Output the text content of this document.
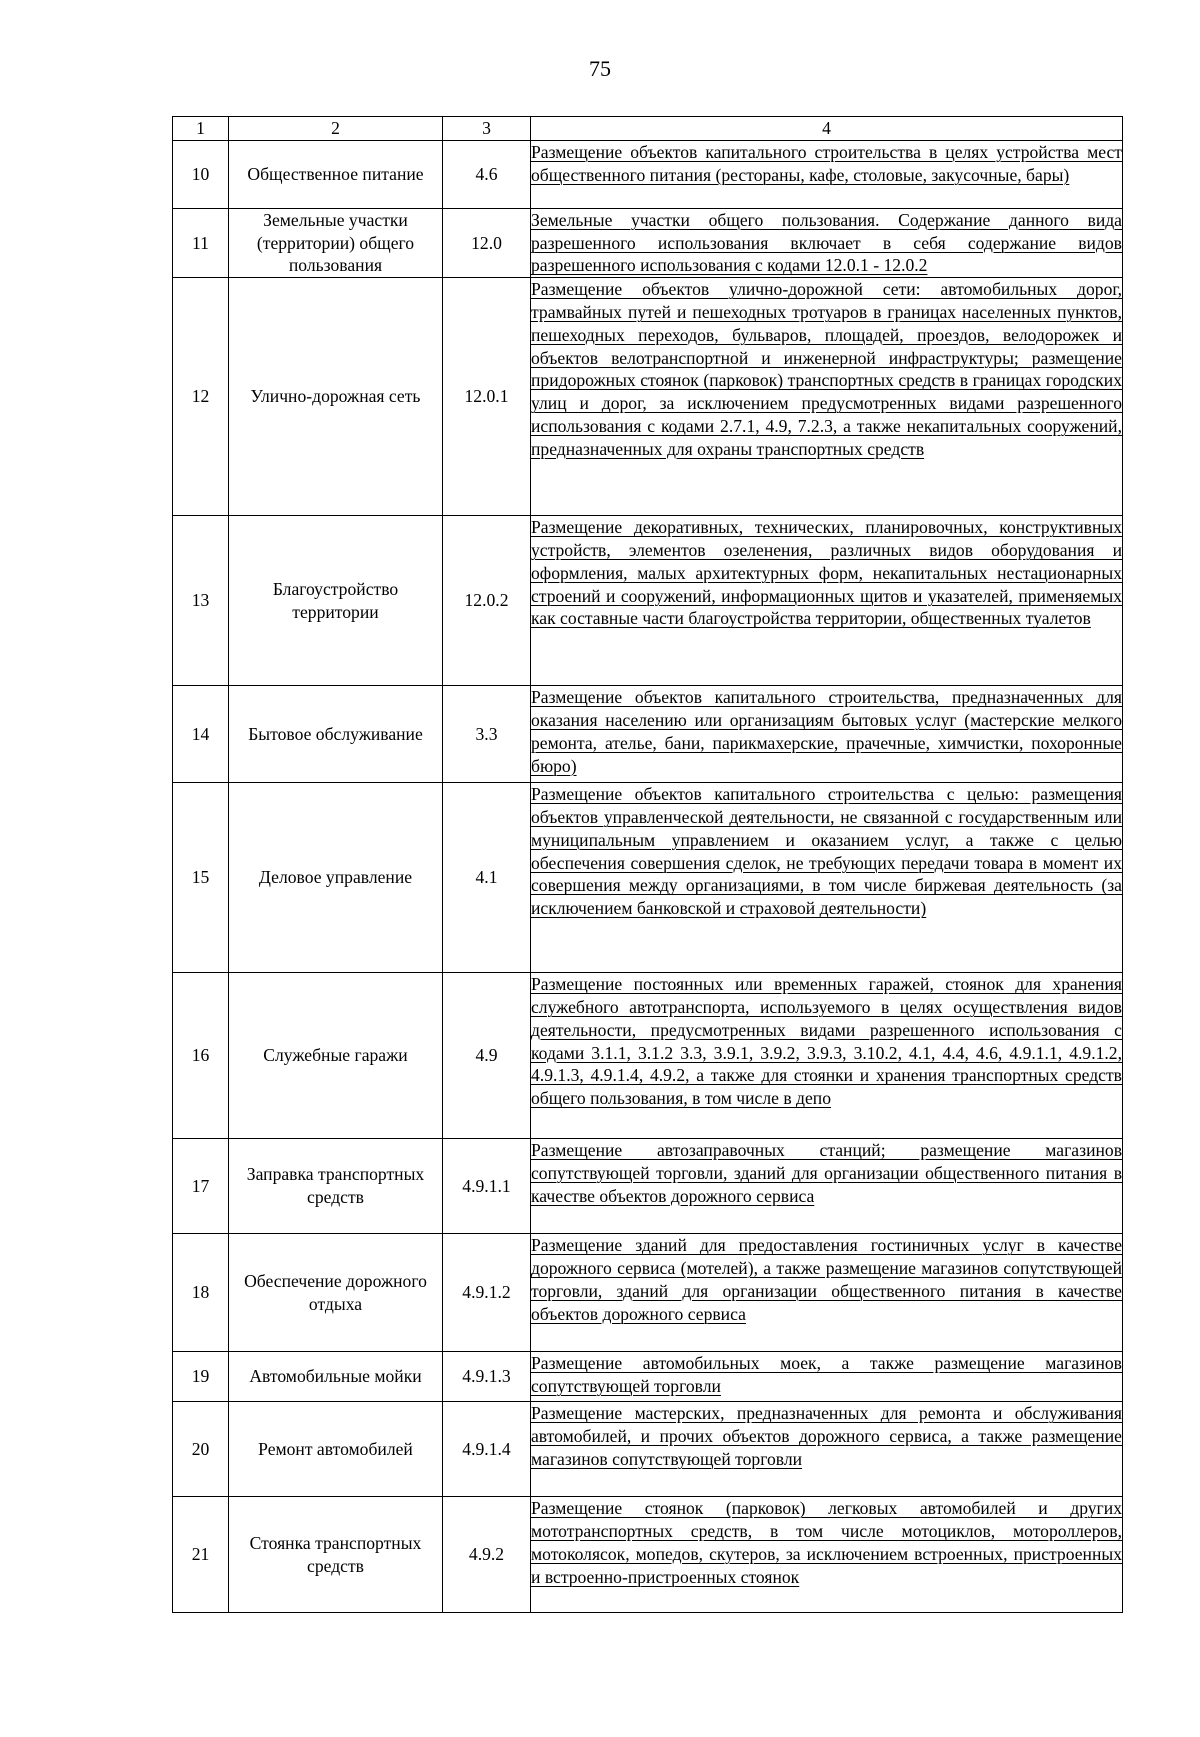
75
1	2	3	4
10	Общественное питание	4.6	Размещение объектов капитального строительства в целях устройства мест общественного питания (рестораны, кафе, столовые, закусочные, бары)
11	Земельные участки (территории) общего пользования	12.0	Земельные участки общего пользования. Содержание данного вида разрешенного использования включает в себя содержание видов разрешенного использования с кодами 12.0.1 - 12.0.2
12	Улично-дорожная сеть	12.0.1	Размещение объектов улично-дорожной сети: автомобильных дорог, трамвайных путей и пешеходных тротуаров в границах населенных пунктов, пешеходных переходов, бульваров, площадей, проездов, велодорожек и объектов велотранспортной и инженерной инфраструктуры; размещение придорожных стоянок (парковок) транспортных средств в границах городских улиц и дорог, за исключением предусмотренных видами разрешенного использования с кодами 2.7.1, 4.9, 7.2.3, а также некапитальных сооружений, предназначенных для охраны транспортных средств
13	Благоустройство территории	12.0.2	Размещение декоративных, технических, планировочных, конструктивных устройств, элементов озеленения, различных видов оборудования и оформления, малых архитектурных форм, некапитальных нестационарных строений и сооружений, информационных щитов и указателей, применяемых как составные части благоустройства территории, общественных туалетов
14	Бытовое обслуживание	3.3	Размещение объектов капитального строительства, предназначенных для оказания населению или организациям бытовых услуг (мастерские мелкого ремонта, ателье, бани, парикмахерские, прачечные, химчистки, похоронные бюро)
15	Деловое управление	4.1	Размещение объектов капитального строительства с целью: размещения объектов управленческой деятельности, не связанной с государственным или муниципальным управлением и оказанием услуг, а также с целью обеспечения совершения сделок, не требующих передачи товара в момент их совершения между организациями, в том числе биржевая деятельность (за исключением банковской и страховой деятельности)
16	Служебные гаражи	4.9	Размещение постоянных или временных гаражей, стоянок для хранения служебного автотранспорта, используемого в целях осуществления видов деятельности, предусмотренных видами разрешенного использования с кодами 3.1.1, 3.1.2 3.3, 3.9.1, 3.9.2, 3.9.3, 3.10.2, 4.1, 4.4, 4.6, 4.9.1.1, 4.9.1.2, 4.9.1.3, 4.9.1.4, 4.9.2, а также для стоянки и хранения транспортных средств общего пользования, в том числе в депо
17	Заправка транспортных средств	4.9.1.1	Размещение автозаправочных станций; размещение магазинов сопутствующей торговли, зданий для организации общественного питания в качестве объектов дорожного сервиса
18	Обеспечение дорожного отдыха	4.9.1.2	Размещение зданий для предоставления гостиничных услуг в качестве дорожного сервиса (мотелей), а также размещение магазинов сопутствующей торговли, зданий для организации общественного питания в качестве объектов дорожного сервиса
19	Автомобильные мойки	4.9.1.3	Размещение автомобильных моек, а также размещение магазинов сопутствующей торговли
20	Ремонт автомобилей	4.9.1.4	Размещение мастерских, предназначенных для ремонта и обслуживания автомобилей, и прочих объектов дорожного сервиса, а также размещение магазинов сопутствующей торговли
21	Стоянка транспортных средств	4.9.2	Размещение стоянок (парковок) легковых автомобилей и других мототранспортных средств, в том числе мотоциклов, мотороллеров, мотоколясок, мопедов, скутеров, за исключением встроенных, пристроенных и встроенно-пристроенных стоянок
